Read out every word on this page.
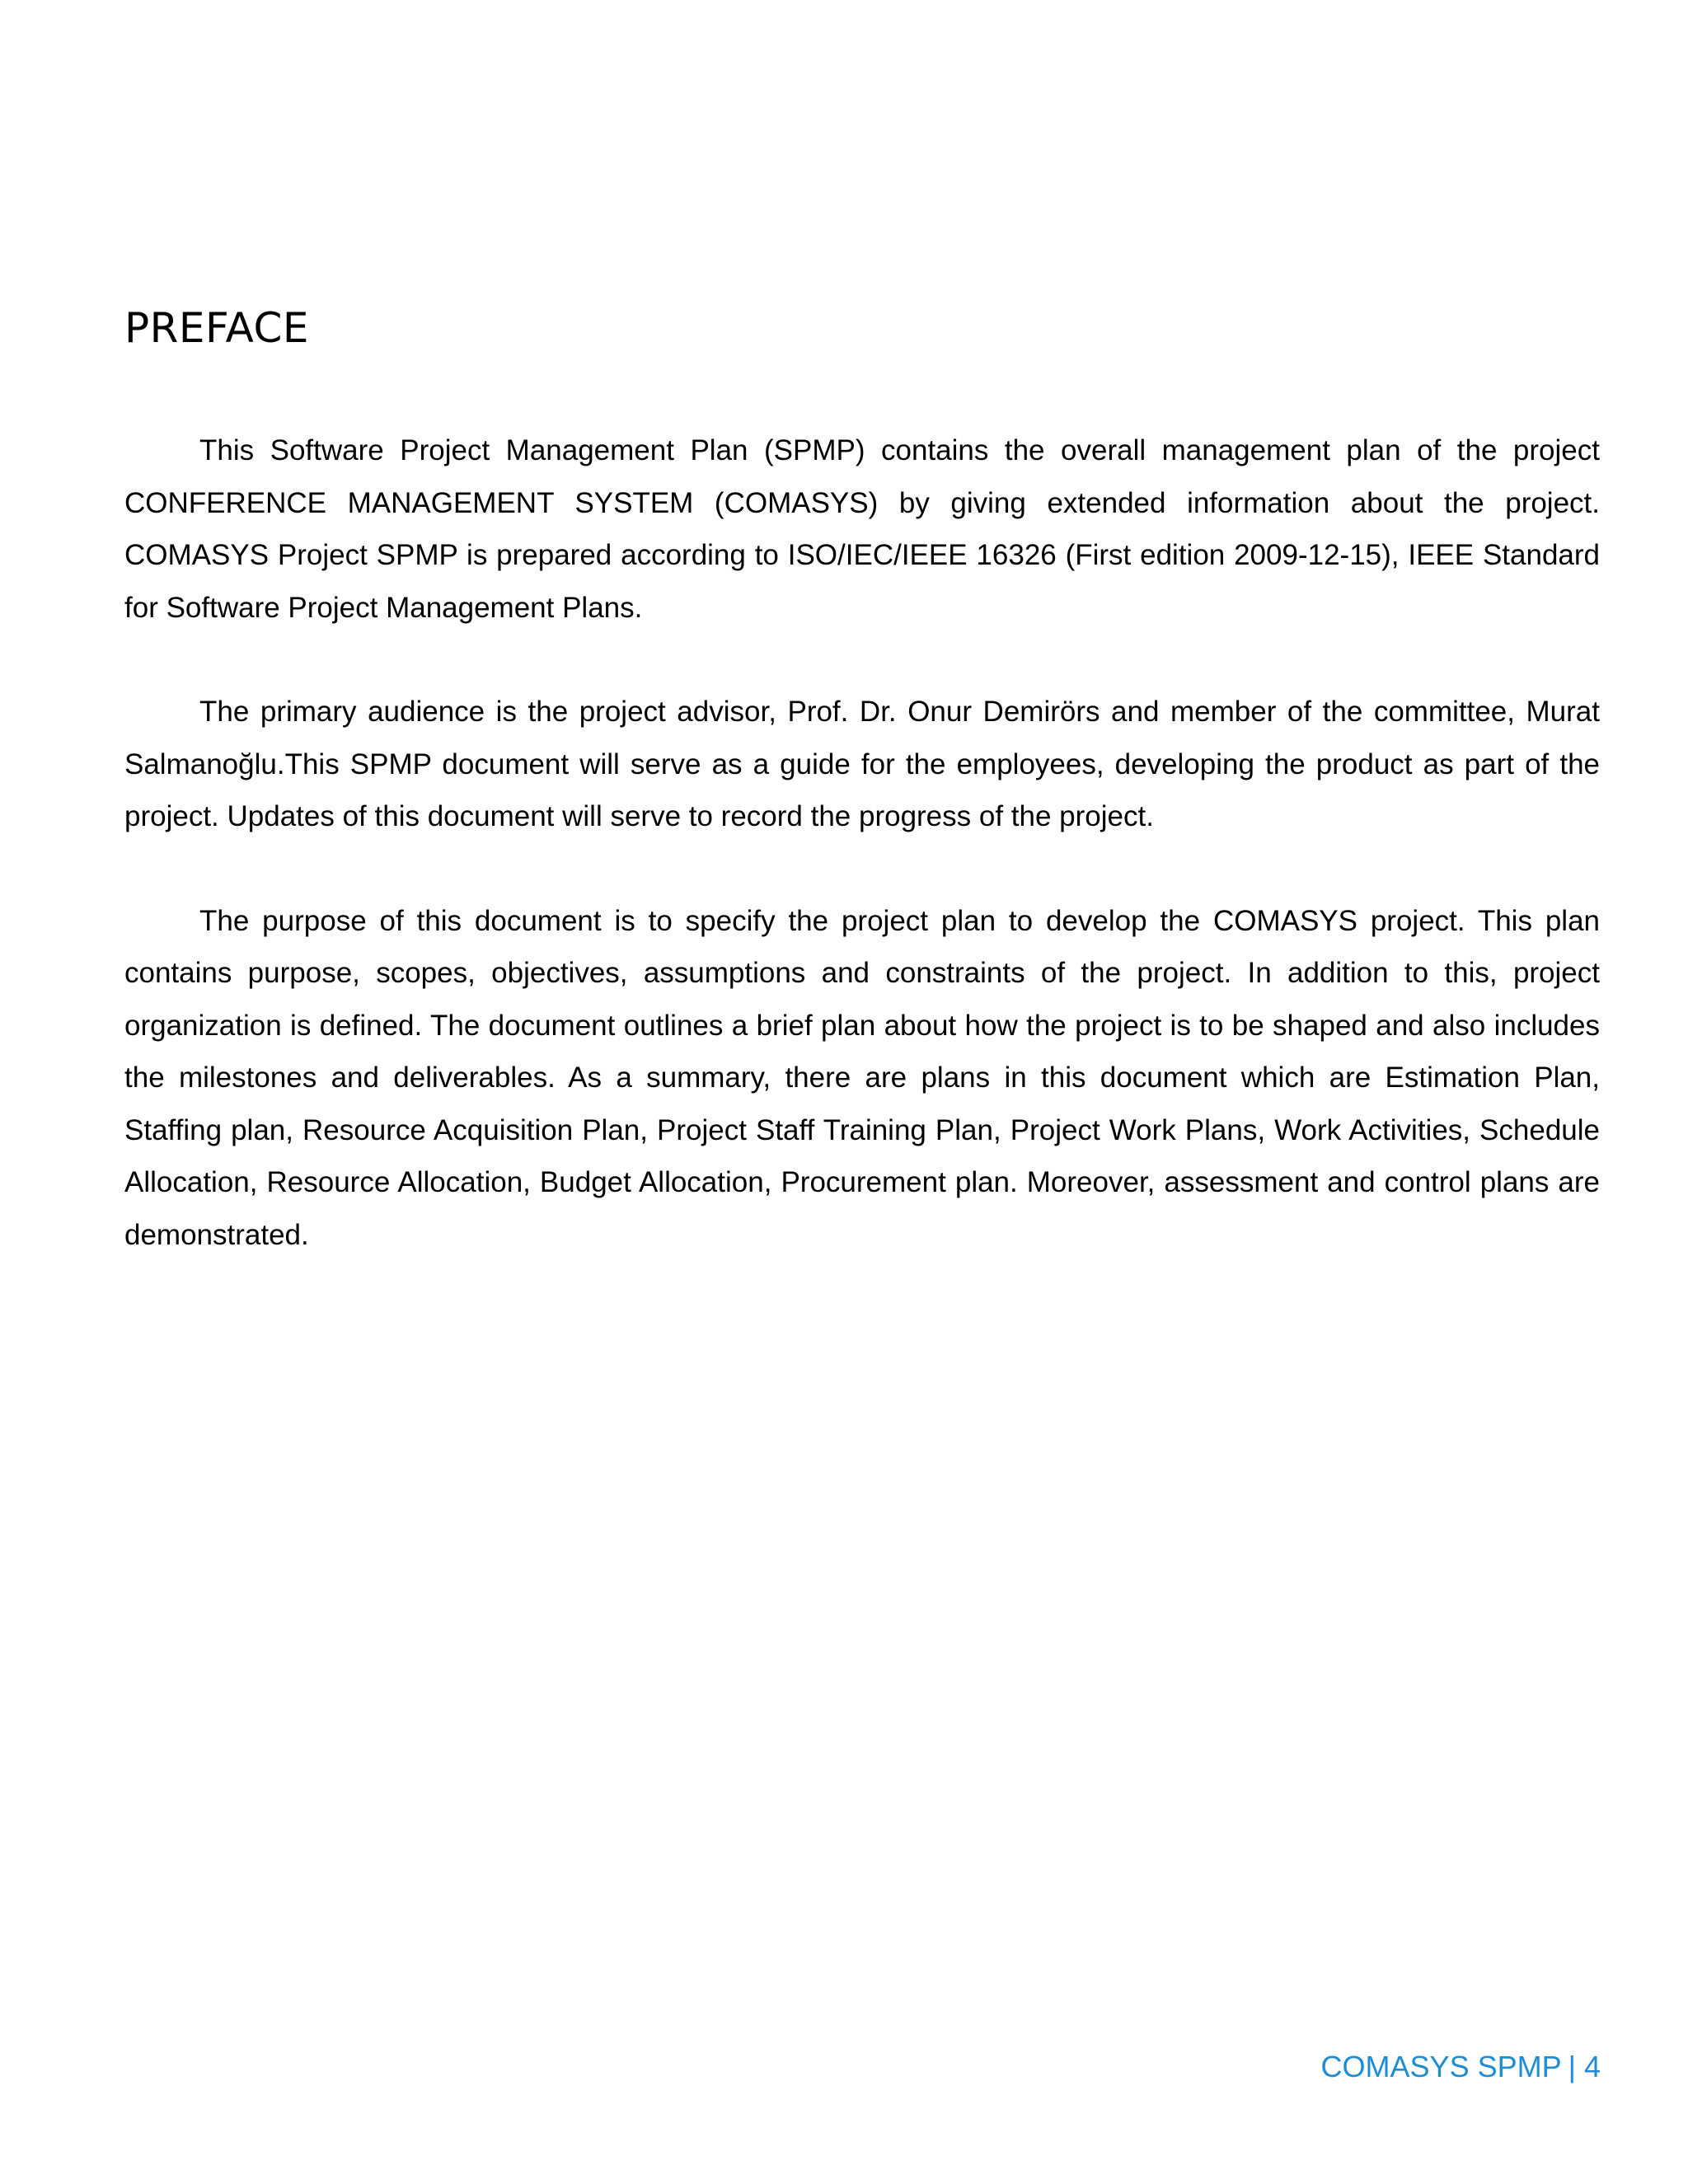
PREFACE

This Software Project Management Plan (SPMP) contains the overall management plan of the project CONFERENCE MANAGEMENT SYSTEM (COMASYS) by giving extended information about the project. COMASYS Project SPMP is prepared according to ISO/IEC/IEEE 16326 (First edition 2009-12-15), IEEE Standard for Software Project Management Plans.

The primary audience is the project advisor, Prof. Dr. Onur Demirörs and member of the committee, Murat Salmanoğlu.This SPMP document will serve as a guide for the employees, developing the product as part of the project. Updates of this document will serve to record the progress of the project.

The purpose of this document is to specify the project plan to develop the COMASYS project. This plan contains purpose, scopes, objectives, assumptions and constraints of the project. In addition to this, project organization is defined. The document outlines a brief plan about how the project is to be shaped and also includes the milestones and deliverables. As a summary, there are plans in this document which are Estimation Plan, Staffing plan, Resource Acquisition Plan, Project Staff Training Plan, Project Work Plans, Work Activities, Schedule Allocation, Resource Allocation, Budget Allocation, Procurement plan. Moreover, assessment and control plans are demonstrated.

COMASYS SPMP | 4
